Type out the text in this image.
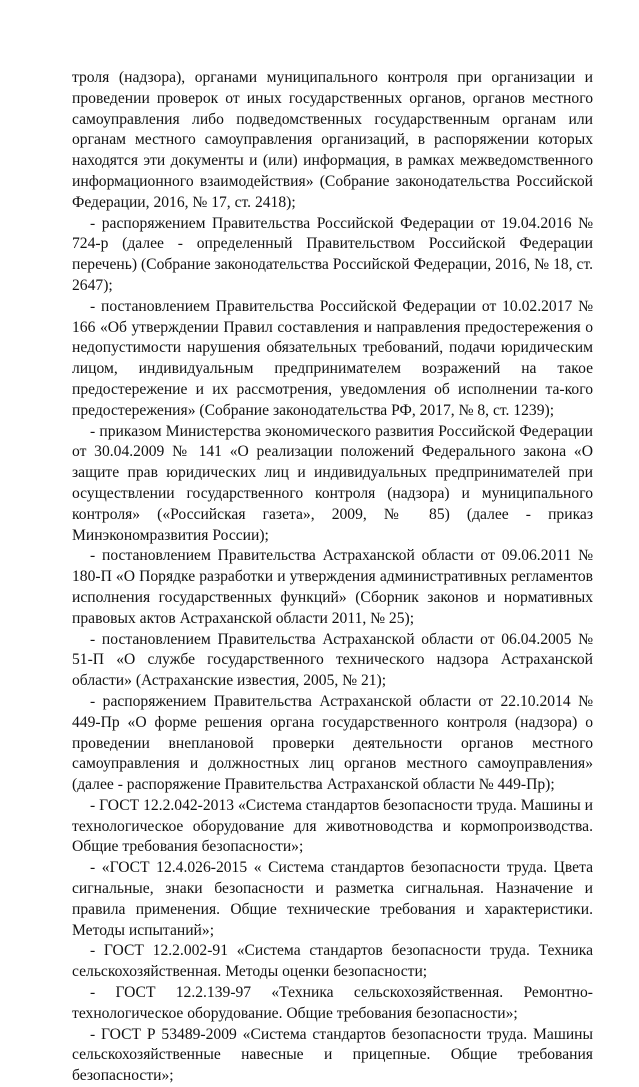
троля (надзора), органами муниципального контроля при организации и проведении проверок от иных государственных органов, органов местного самоуправления либо подведомственных государственным органам или органам местного самоуправления организаций, в распоряжении которых находятся эти документы и (или) информация, в рамках межведомственного информационного взаимодействия» (Собрание законодательства Российской Федерации, 2016, № 17, ст. 2418);

- распоряжением Правительства Российской Федерации от 19.04.2016 № 724-р (далее - определенный Правительством Российской Федерации перечень) (Собрание законодательства Российской Федерации, 2016, № 18, ст. 2647);

- постановлением Правительства Российской Федерации от 10.02.2017 № 166 «Об утверждении Правил составления и направления предостережения о недопустимости нарушения обязательных требований, подачи юридическим лицом, индивидуальным предпринимателем возражений на такое предостережение и их рассмотрения, уведомления об исполнении та-кого предостережения» (Собрание законодательства РФ, 2017, № 8, ст. 1239);

- приказом Министерства экономического развития Российской Федерации от 30.04.2009 № 141 «О реализации положений Федерального закона «О защите прав юридических лиц и индивидуальных предпринимателей при осуществлении государственного контроля (надзора) и муниципального контроля» («Российская газета», 2009, № 85) (далее - приказ Минэкономразвития России);

- постановлением Правительства Астраханской области от 09.06.2011 № 180-П «О Порядке разработки и утверждения административных регламентов исполнения государственных функций» (Сборник законов и нормативных правовых актов Астраханской области 2011, № 25);

- постановлением Правительства Астраханской области от 06.04.2005 № 51-П «О службе государственного технического надзора Астраханской области» (Астраханские известия, 2005, № 21);

- распоряжением Правительства Астраханской области от 22.10.2014 № 449-Пр «О форме решения органа государственного контроля (надзора) о проведении внеплановой проверки деятельности органов местного самоуправления и должностных лиц органов местного самоуправления» (далее - распоряжение Правительства Астраханской области № 449-Пр);

- ГОСТ 12.2.042-2013 «Система стандартов безопасности труда. Машины и технологическое оборудование для животноводства и кормопроизводства. Общие требования безопасности»;

- «ГОСТ 12.4.026-2015 « Система стандартов безопасности труда. Цвета сигнальные, знаки безопасности и разметка сигнальная. Назначение и правила применения. Общие технические требования и характеристики. Методы испытаний»;

- ГОСТ 12.2.002-91 «Система стандартов безопасности труда. Техника сельскохозяйственная. Методы оценки безопасности;

- ГОСТ 12.2.139-97 «Техника сельскохозяйственная. Ремонтно-технологическое оборудование. Общие требования безопасности»;

- ГОСТ Р 53489-2009 «Система стандартов безопасности труда. Машины сельскохозяйственные навесные и прицепные. Общие требования безопасности»;
